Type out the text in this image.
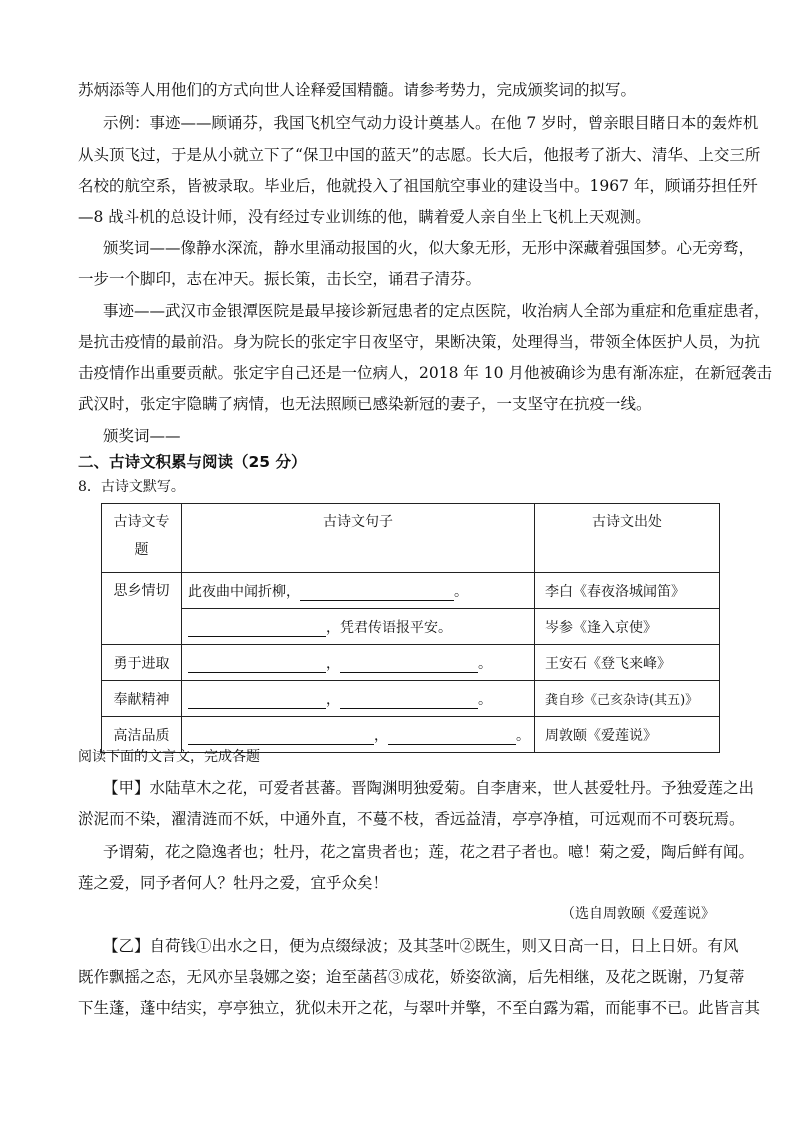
苏炳添等人用他们的方式向世人诠释爱国精髓。请参考势力，完成颁奖词的拟写。

示例：事迹——顾诵芬，我国飞机空气动力设计奠基人。在他 7 岁时，曾亲眼目睹日本的轰炸机

从头顶飞过，于是从小就立下了“保卫中国的蓝天”的志愿。长大后，他报考了浙大、清华、上交三所

名校的航空系，皆被录取。毕业后，他就投入了祖国航空事业的建设当中。1967 年，顾诵芬担任歼

—8 战斗机的总设计师，没有经过专业训练的他，瞒着爱人亲自坐上飞机上天观测。

颁奖词——像静水深流，静水里涌动报国的火，似大象无形，无形中深藏着强国梦。心无旁骛，

一步一个脚印，志在冲天。振长策，击长空，诵君子清芬。

事迹——武汉市金银潭医院是最早接诊新冠患者的定点医院，收治病人全部为重症和危重症患者，

是抗击疫情的最前沿。身为院长的张定宇日夜坚守，果断决策，处理得当，带领全体医护人员，为抗

击疫情作出重要贡献。张定宇自己还是一位病人，2018 年 10 月他被确诊为患有渐冻症，在新冠袭击

武汉时，张定宇隐瞒了病情，也无法照顾已感染新冠的妻子，一支坚守在抗疫一线。

颁奖词——

二、古诗文积累与阅读（25 分）

8．古诗文默写。

古诗文专题	古诗文句子	古诗文出处
思乡情切	此夜曲中闻折柳， 。	李白《春夜洛城闻笛》
	，凭君传语报平安。	岑参《逢入京使》
勇于进取	， 。	王安石《登飞来峰》
奉献精神	， 。	龚自珍《己亥杂诗(其五)》
高洁品质	， 。	周敦颐《爱莲说》

阅读下面的文言文，完成各题

【甲】水陆草木之花，可爱者甚蕃。晋陶渊明独爱菊。自李唐来，世人甚爱牡丹。予独爱莲之出

淤泥而不染，濯清涟而不妖，中通外直，不蔓不枝，香远益清，亭亭净植，可远观而不可亵玩焉。

予谓菊，花之隐逸者也；牡丹，花之富贵者也；莲，花之君子者也。噫！菊之爱，陶后鲜有闻。

莲之爱，同予者何人？牡丹之爱，宜乎众矣！

（选自周敦颐《爱莲说》

【乙】自荷钱①出水之日，便为点缀绿波；及其茎叶②既生，则又日高一日，日上日妍。有风

既作飘摇之态，无风亦呈袅娜之姿；迨至菡萏③成花，娇姿欲滴，后先相继，及花之既谢，乃复蒂

下生蓬，蓬中结实，亭亭独立，犹似未开之花，与翠叶并擎，不至白露为霜，而能事不已。此皆言其
